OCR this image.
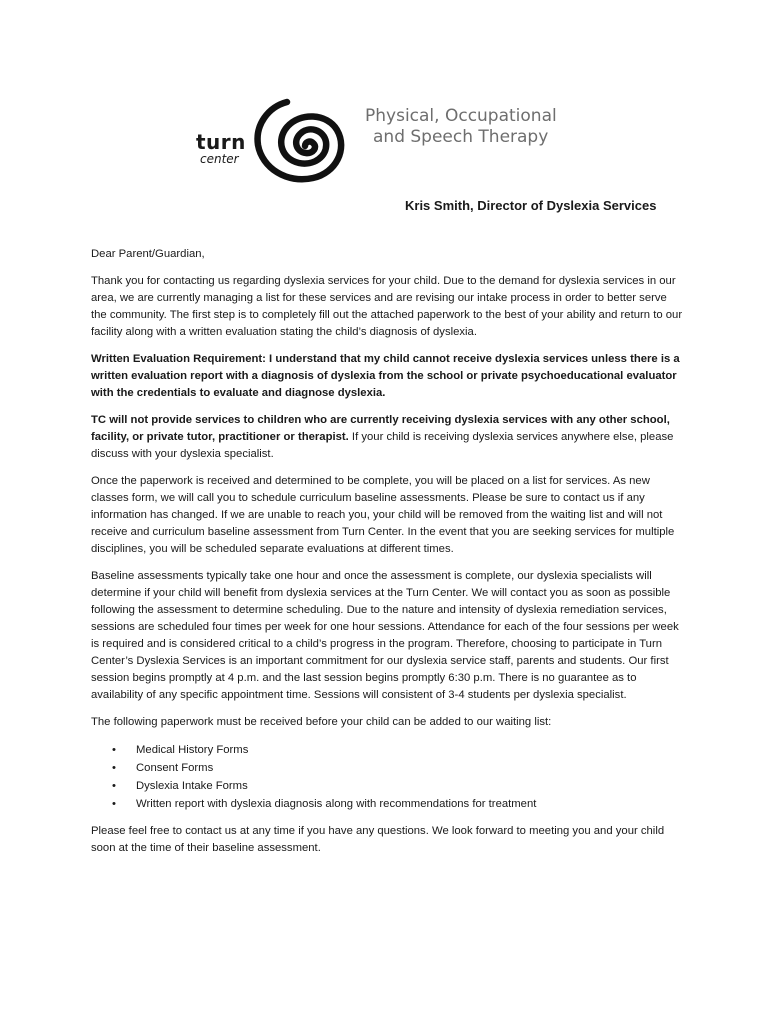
turn
center
Physical, Occupational
and Speech Therapy
Kris Smith, Director of Dyslexia Services

Dear Parent/Guardian,

Thank you for contacting us regarding dyslexia services for your child. Due to the demand for dyslexia services in our area, we are currently managing a list for these services and are revising our intake process in order to better serve the community. The first step is to completely fill out the attached paperwork to the best of your ability and return to our facility along with a written evaluation stating the child’s diagnosis of dyslexia.

Written Evaluation Requirement: I understand that my child cannot receive dyslexia services unless there is a written evaluation report with a diagnosis of dyslexia from the school or private psychoeducational evaluator with the credentials to evaluate and diagnose dyslexia.

TC will not provide services to children who are currently receiving dyslexia services with any other school, facility, or private tutor, practitioner or therapist. If your child is receiving dyslexia services anywhere else, please discuss with your dyslexia specialist.

Once the paperwork is received and determined to be complete, you will be placed on a list for services. As new classes form, we will call you to schedule curriculum baseline assessments. Please be sure to contact us if any information has changed. If we are unable to reach you, your child will be removed from the waiting list and will not receive and curriculum baseline assessment from Turn Center. In the event that you are seeking services for multiple disciplines, you will be scheduled separate evaluations at different times.

Baseline assessments typically take one hour and once the assessment is complete, our dyslexia specialists will determine if your child will benefit from dyslexia services at the Turn Center. We will contact you as soon as possible following the assessment to determine scheduling. Due to the nature and intensity of dyslexia remediation services, sessions are scheduled four times per week for one hour sessions. Attendance for each of the four sessions per week is required and is considered critical to a child’s progress in the program. Therefore, choosing to participate in Turn Center’s Dyslexia Services is an important commitment for our dyslexia service staff, parents and students. Our first session begins promptly at 4 p.m. and the last session begins promptly 6:30 p.m. There is no guarantee as to availability of any specific appointment time. Sessions will consistent of 3-4 students per dyslexia specialist.

The following paperwork must be received before your child can be added to our waiting list:

• Medical History Forms
• Consent Forms
• Dyslexia Intake Forms
• Written report with dyslexia diagnosis along with recommendations for treatment

Please feel free to contact us at any time if you have any questions. We look forward to meeting you and your child soon at the time of their baseline assessment.
